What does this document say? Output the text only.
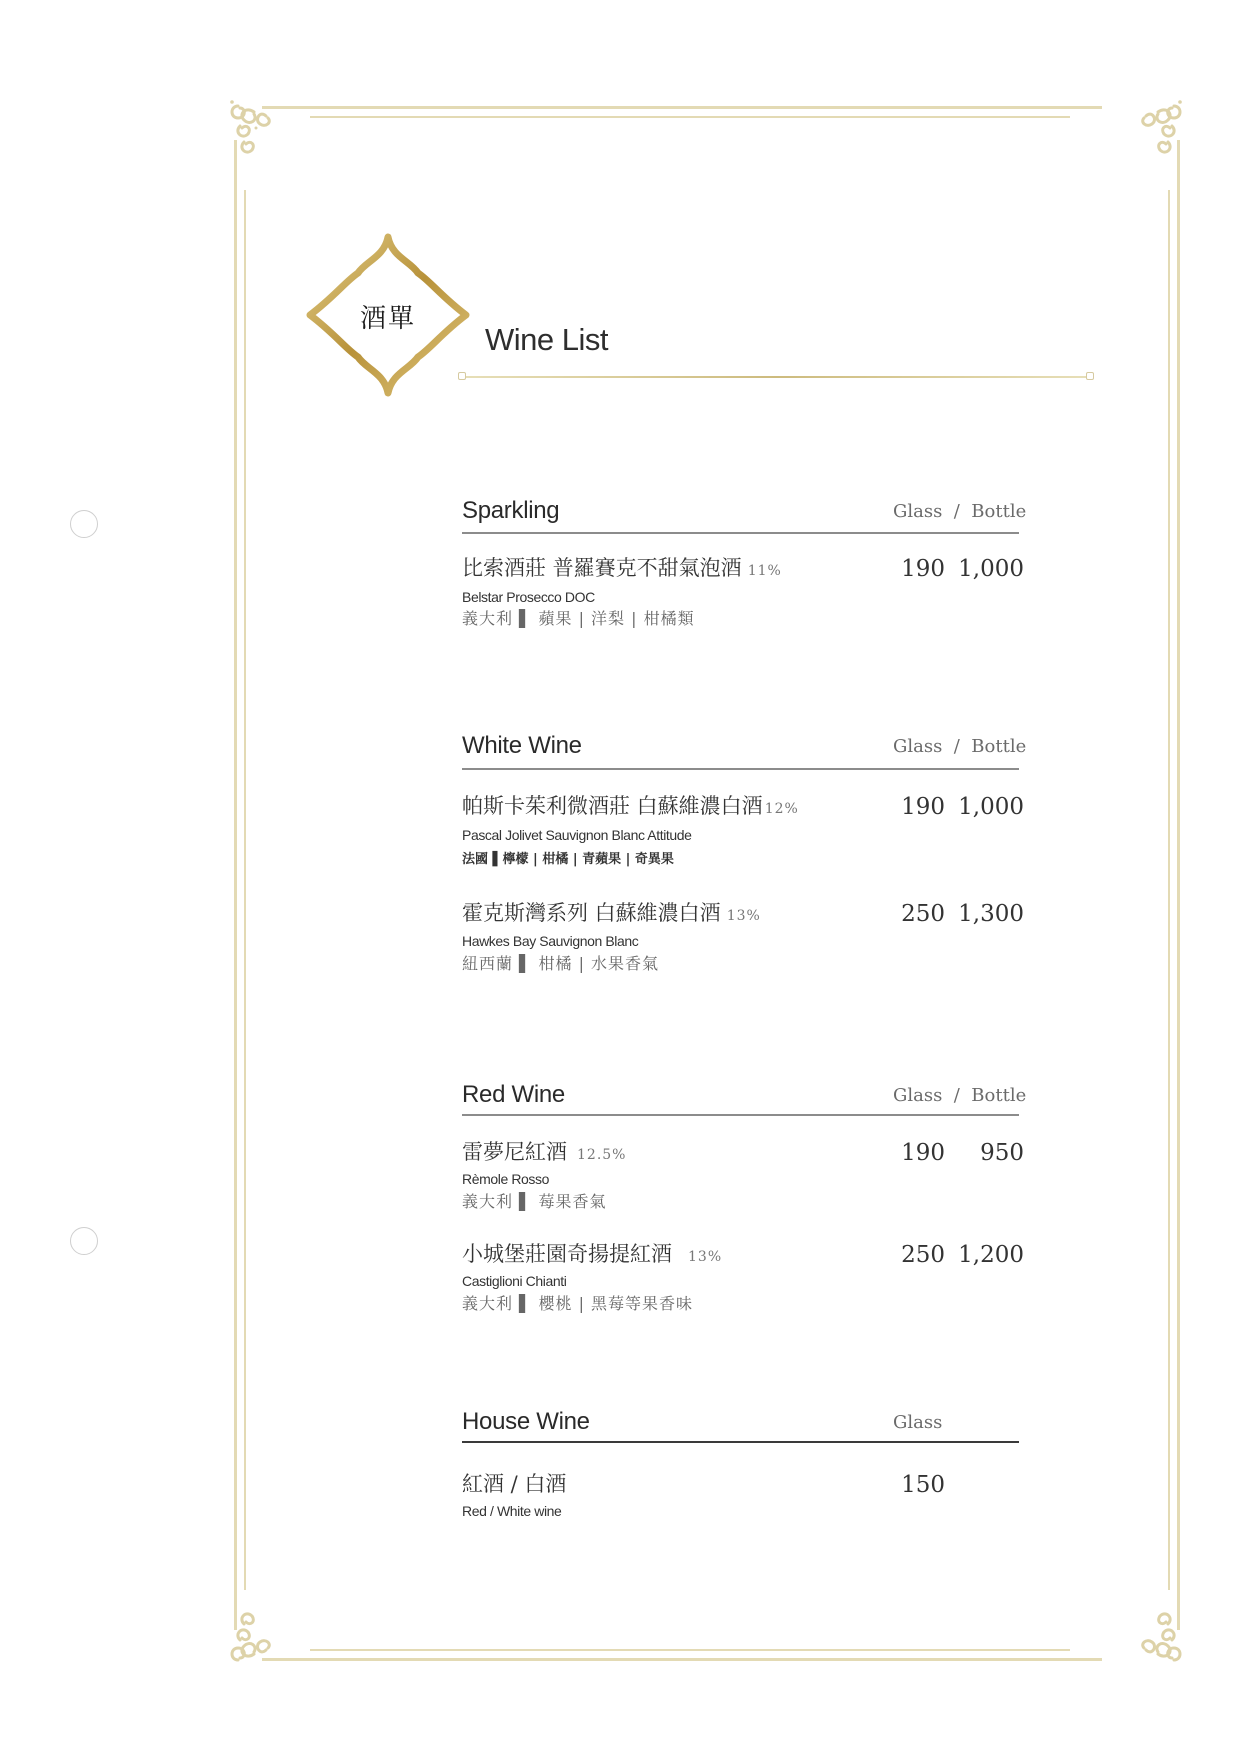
酒單
Wine List
Sparkling	Glass  /  Bottle
比索酒莊 普羅賽克不甜氣泡酒 11%	190 1,000
Belstar Prosecco DOC
義大利 ▌ 蘋果 | 洋梨 | 柑橘類
White Wine	Glass  /  Bottle
帕斯卡茱利微酒莊 白蘇維濃白酒 12%	190 1,000
Pascal Jolivet Sauvignon Blanc Attitude
法國 ▌檸檬 | 柑橘 | 青蘋果 | 奇異果
霍克斯灣系列 白蘇維濃白酒 13%	250 1,300
Hawkes Bay Sauvignon Blanc
紐西蘭 ▌ 柑橘 | 水果香氣
Red Wine	Glass  /  Bottle
雷夢尼紅酒 12.5%	190	950
Rèmole Rosso
義大利 ▌ 莓果香氣
小城堡莊園奇揚提紅酒 13%	250 1,200
Castiglioni Chianti
義大利 ▌ 櫻桃 | 黑莓等果香味
House Wine	Glass
紅酒 / 白酒	150
Red / White wine
